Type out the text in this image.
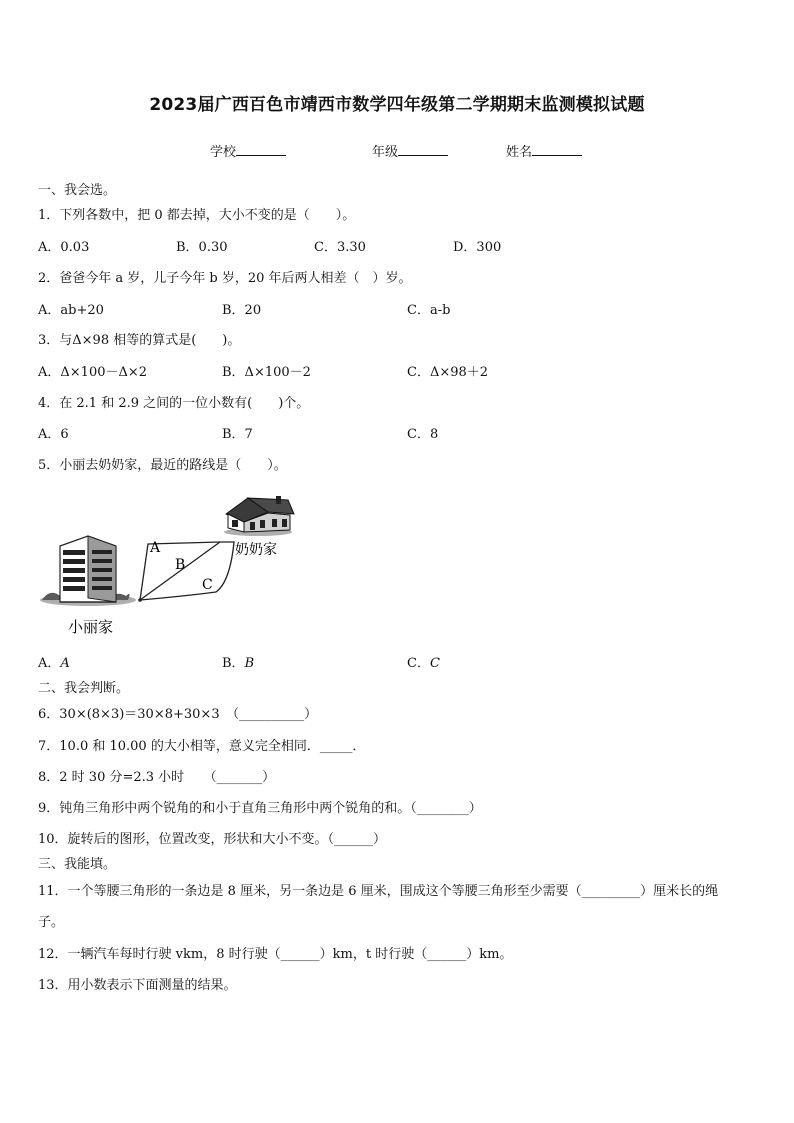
2023届广西百色市靖西市数学四年级第二学期期末监测模拟试题
学校	年级	姓名
一、我会选。
1．下列各数中，把 0 都去掉，大小不变的是（　　）。
A．0.03	B．0.30	C．3.30	D．300
2．爸爸今年 a 岁，儿子今年 b 岁，20 年后两人相差（　）岁。
A．ab+20	B．20	C．a-b
3．与Δ×98 相等的算式是(　　)。
A．Δ×100－Δ×2	B．Δ×100－2	C．Δ×98＋2
4．在 2.1 和 2.9 之间的一位小数有(　　)个。
A．6	B．7	C．8
5．小丽去奶奶家，最近的路线是（　　）。
A
B
C
奶奶家
小丽家
A．A	B．B	C．C
二、我会判断。
6．30×(8×3)＝30×8+30×3　（__________）
7．10.0 和 10.00 的大小相等，意义完全相同．_____．
8．2 时 30 分=2.3 小时　　（_______）
9．钝角三角形中两个锐角的和小于直角三角形中两个锐角的和。（________）
10．旋转后的图形，位置改变，形状和大小不变。（______）
三、我能填。
11．一个等腰三角形的一条边是 8 厘米，另一条边是 6 厘米，围成这个等腰三角形至少需要（_________）厘米长的绳
子。
12．一辆汽车每时行驶 vkm，8 时行驶（______）km，t 时行驶（______）km。
13．用小数表示下面测量的结果。
